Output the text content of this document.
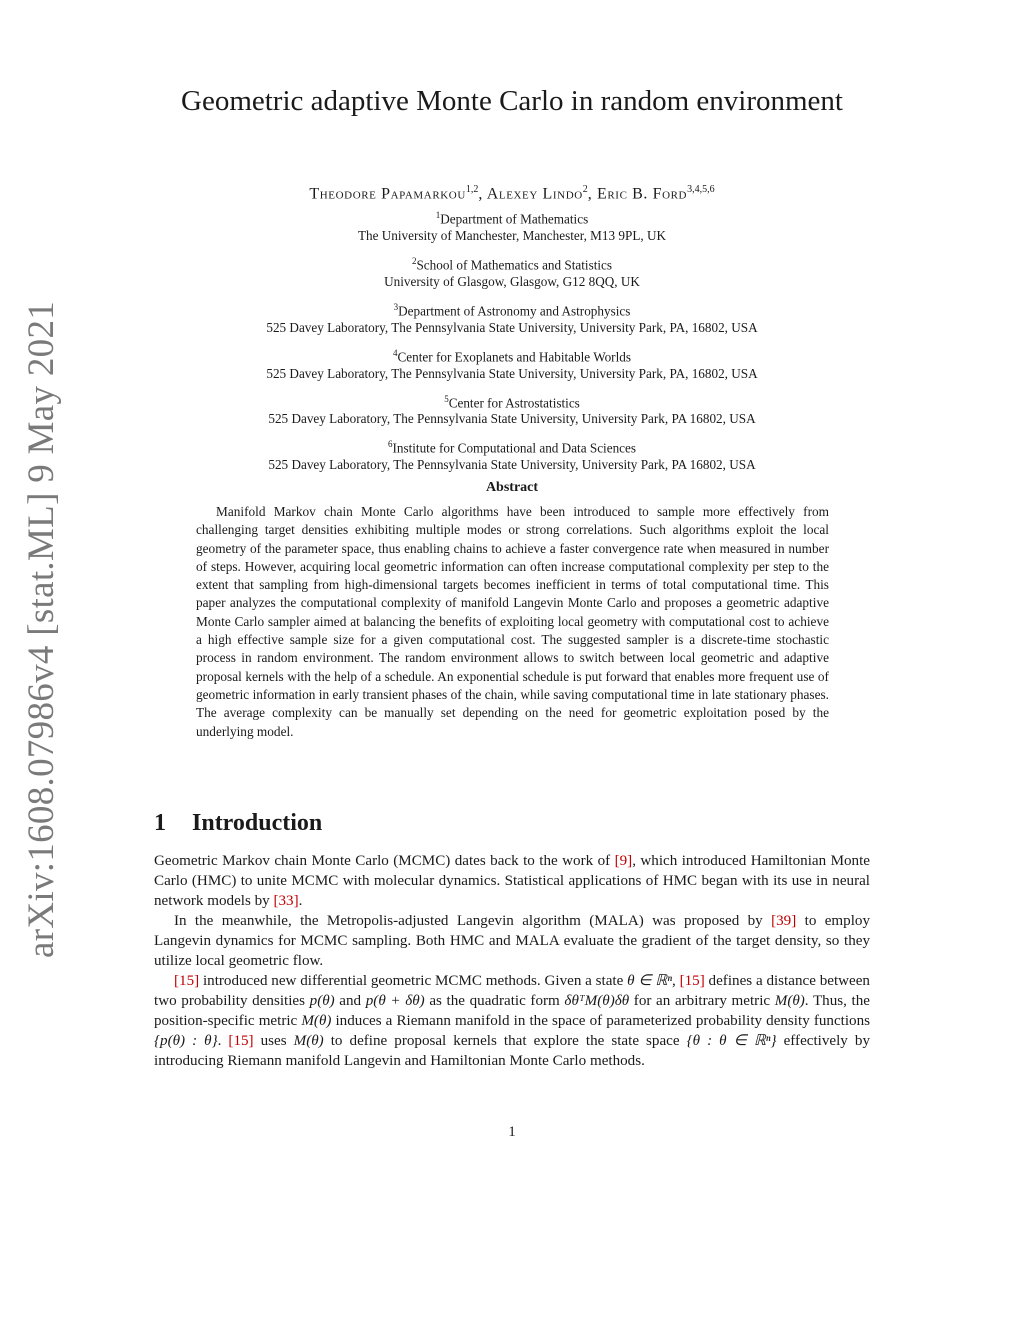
arXiv:1608.07986v4 [stat.ML] 9 May 2021
Geometric adaptive Monte Carlo in random environment
Theodore Papamarkou$^{1,2}$, Alexey Lindo$^2$, Eric B. Ford$^{3,4,5,6}$
$^1$Department of Mathematics
The University of Manchester, Manchester, M13 9PL, UK
$^2$School of Mathematics and Statistics
University of Glasgow, Glasgow, G12 8QQ, UK
$^3$Department of Astronomy and Astrophysics
525 Davey Laboratory, The Pennsylvania State University, University Park, PA, 16802, USA
$^4$Center for Exoplanets and Habitable Worlds
525 Davey Laboratory, The Pennsylvania State University, University Park, PA, 16802, USA
$^5$Center for Astrostatistics
525 Davey Laboratory, The Pennsylvania State University, University Park, PA 16802, USA
$^6$Institute for Computational and Data Sciences
525 Davey Laboratory, The Pennsylvania State University, University Park, PA 16802, USA
Abstract
Manifold Markov chain Monte Carlo algorithms have been introduced to sample more effectively from challenging target densities exhibiting multiple modes or strong correlations. Such algorithms exploit the local geometry of the parameter space, thus enabling chains to achieve a faster convergence rate when measured in number of steps. However, acquiring local geometric information can often increase computational complexity per step to the extent that sampling from high-dimensional targets becomes inefficient in terms of total computational time. This paper analyzes the computational complexity of manifold Langevin Monte Carlo and proposes a geometric adaptive Monte Carlo sampler aimed at balancing the benefits of exploiting local geometry with computational cost to achieve a high effective sample size for a given computational cost. The suggested sampler is a discrete-time stochastic process in random environment. The random environment allows to switch between local geometric and adaptive proposal kernels with the help of a schedule. An exponential schedule is put forward that enables more frequent use of geometric information in early transient phases of the chain, while saving computational time in late stationary phases. The average complexity can be manually set depending on the need for geometric exploitation posed by the underlying model.
1 Introduction

Geometric Markov chain Monte Carlo (MCMC) dates back to the work of [9], which introduced Hamiltonian Monte Carlo (HMC) to unite MCMC with molecular dynamics. Statistical applications of HMC began with its use in neural network models by [33].

In the meanwhile, the Metropolis-adjusted Langevin algorithm (MALA) was proposed by [39] to employ Langevin dynamics for MCMC sampling. Both HMC and MALA evaluate the gradient of the target density, so they utilize local geometric flow.

[15] introduced new differential geometric MCMC methods. Given a state θ ∈ ℝⁿ, [15] defines a distance between two probability densities p(θ) and p(θ + δθ) as the quadratic form δθᵀM(θ)δθ for an arbitrary metric M(θ). Thus, the position-specific metric M(θ) induces a Riemann manifold in the space of parameterized probability density functions {p(θ) : θ}. [15] uses M(θ) to define proposal kernels that explore the state space {θ : θ ∈ ℝⁿ} effectively by introducing Riemann manifold Langevin and Hamiltonian Monte Carlo methods.

1
